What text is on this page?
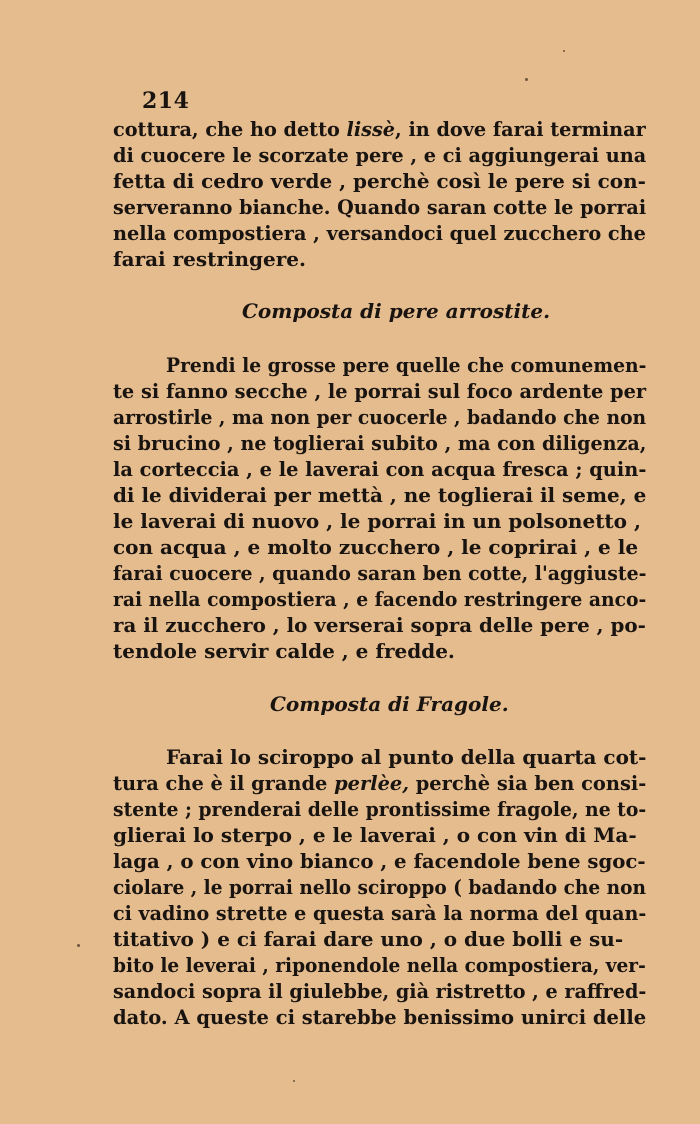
214
cottura, che ho detto lissè, in dove farai terminar
di cuocere le scorzate pere , e ci aggiungerai una
fetta di cedro verde , perchè così le pere si con-
serveranno bianche. Quando saran cotte le porrai
nella compostiera , versandoci quel zucchero che
farai restringere.
Composta di pere arrostite.
Prendi le grosse pere quelle che comunemen-
te si fanno secche , le porrai sul foco ardente per
arrostirle , ma non per cuocerle , badando che non
si brucino , ne toglierai subito , ma con diligenza,
la corteccia , e le laverai con acqua fresca ; quin-
di le dividerai per mettà , ne toglierai il seme, e
le laverai di nuovo , le porrai in un polsonetto ,
con acqua , e molto zucchero , le coprirai , e le
farai cuocere , quando saran ben cotte, l'aggiuste-
rai nella compostiera , e facendo restringere anco-
ra il zucchero , lo verserai sopra delle pere , po-
tendole servir calde , e fredde.
Composta di Fragole.
Farai lo sciroppo al punto della quarta cot-
tura che è il grande perlèe, perchè sia ben consi-
stente ; prenderai delle prontissime fragole, ne to-
glierai lo sterpo , e le laverai , o con vin di Ma-
laga , o con vino bianco , e facendole bene sgoc-
ciolare , le porrai nello sciroppo ( badando che non
ci vadino strette e questa sarà la norma del quan-
titativo ) e ci farai dare uno , o due bolli e su-
bito le leverai , riponendole nella compostiera, ver-
sandoci sopra il giulebbe, già ristretto , e raffred-
dato. A queste ci starebbe benissimo unirci delle
